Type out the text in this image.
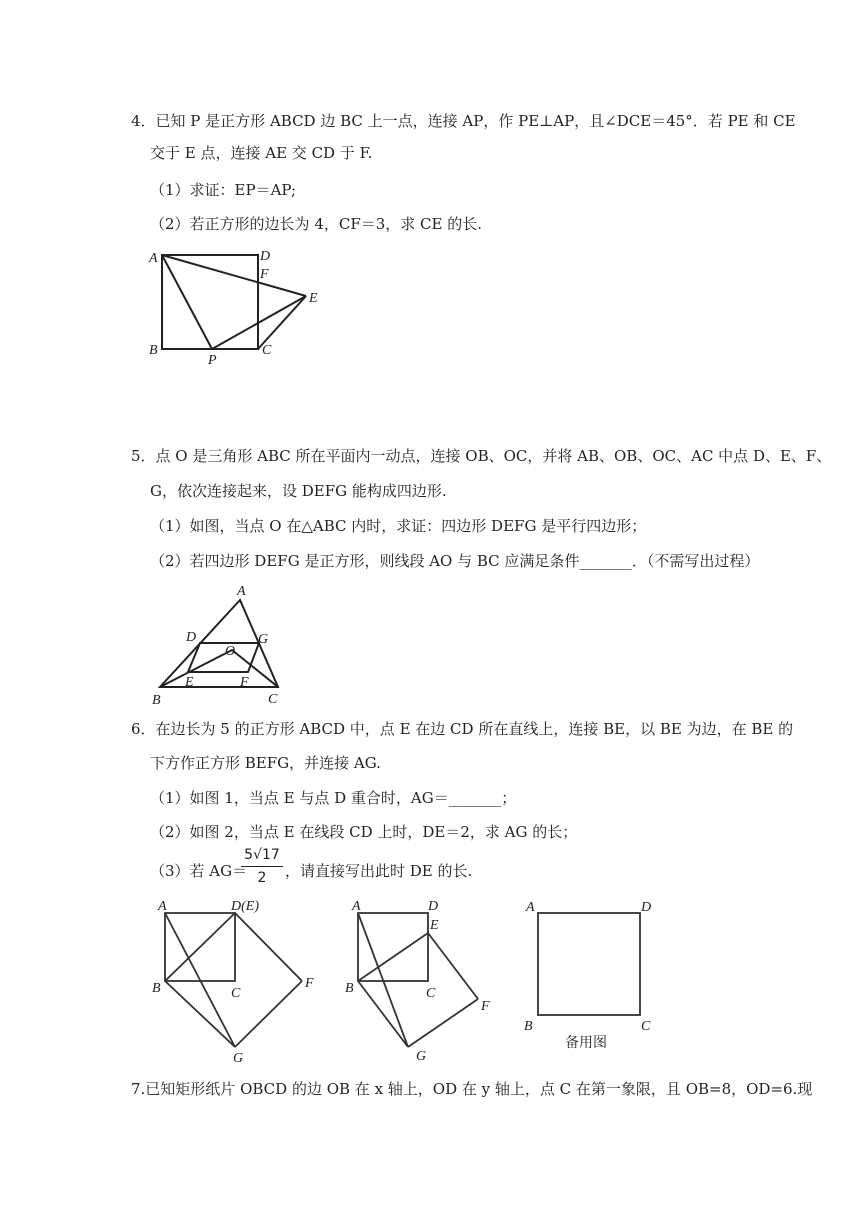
4．已知 P 是正方形 ABCD 边 BC 上一点，连接 AP，作 PE⊥AP，且∠DCE＝45°．若 PE 和 CE
交于 E 点，连接 AE 交 CD 于 F.
（1）求证：EP＝AP;
（2）若正方形的边长为 4，CF＝3，求 CE 的长.
A	D
F
E
B
P
C
5．点 O 是三角形 ABC 所在平面内一动点，连接 OB、OC，并将 AB、OB、OC、AC 中点 D、E、F、
G，依次连接起来，设 DEFG 能构成四边形.
（1）如图，当点 O 在△ABC 内时，求证：四边形 DEFG 是平行四边形；
（2）若四边形 DEFG 是正方形，则线段 AO 与 BC 应满足条件_______．（不需写出过程）
A
D	G
O
E	F
B	C
6．在边长为 5 的正方形 ABCD 中，点 E 在边 CD 所在直线上，连接 BE，以 BE 为边，在 BE 的
下方作正方形 BEFG，并连接 AG.
（1）如图 1，当点 E 与点 D 重合时，AG＝_______；
（2）如图 2，当点 E 在线段 CD 上时，DE＝2，求 AG 的长；
（3）若 AG＝
5√17
2	，请直接写出此时 DE 的长.
A	D(E)
B	C
F
G
A	D
E
B	C
F
G
A	D
B	C
备用图
7.已知矩形纸片 OBCD 的边 OB 在 x 轴上，OD 在 y 轴上，点 C 在第一象限，且 OB=8，OD=6.现
